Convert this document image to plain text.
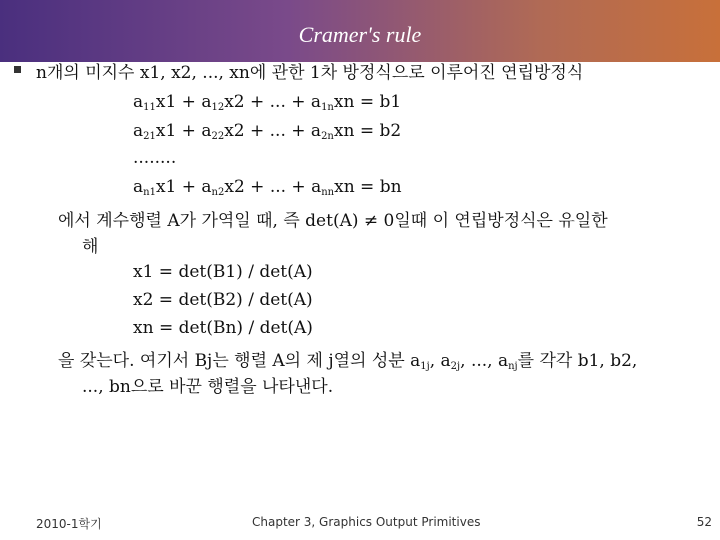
Cramer's rule
n개의 미지수 x1, x2, ..., xn에 관한 1차 방정식으로 이루어진 연립방정식
$a_{11}x1 + a_{12}x2$ + ... + $a_{1n}xn = b1$
$a_{21}x1 + a_{22}x2$ + ... + $a_{2n}xn = b2$
........
$a_{n1}x1 + a_{n2}x2$ + ... + $a_{nn}xn$ = bn
에서 계수행렬 A가 가역일 때, 즉 det(A) ≠ 0일때 이 연립방정식은 유일한
해
x1 = det(B1) / det(A)
x2 = det(B2) / det(A)
xn = det(Bn) / det(A)
을 갖는다. 여기서 Bj는 행렬 A의 제 j열의 성분 $a_{1j}$, $a_{2j}$, ..., $a_{nj}$를 각각 b1, b2,
..., bn으로 바꾼 행렬을 나타낸다.
2010-1학기	Chapter 3, Graphics Output Primitives	52
